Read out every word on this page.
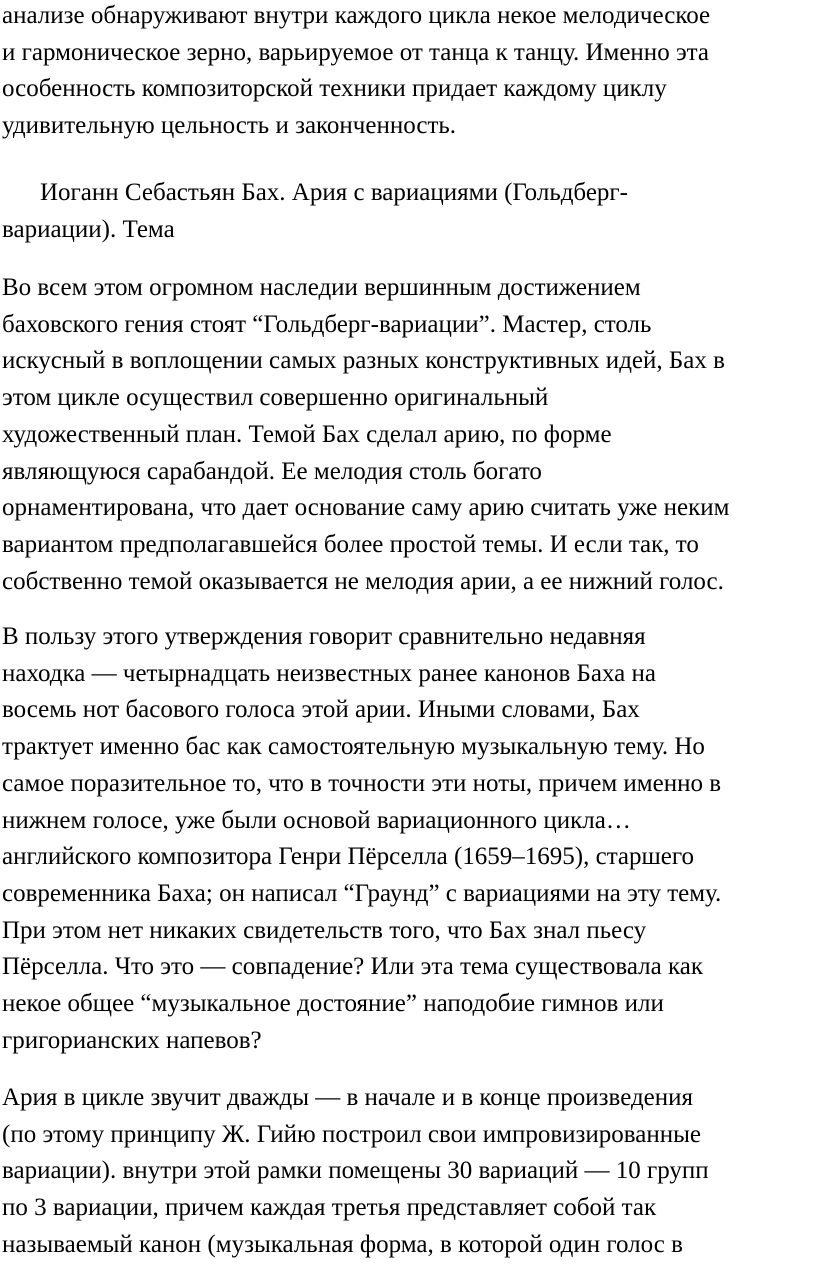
анализе обнаруживают внутри каждого цикла некое мелодическое
и гармоническое зерно, варьируемое от танца к танцу. Именно эта
особенность композиторской техники придает каждому циклу
удивительную цельность и законченность.
Иоганн Себастьян Бах. Ария с вариациями (Гольдберг-
вариации). Тема
Во всем этом огромном наследии вершинным достижением
баховского гения стоят “Гольдберг-вариации”. Мастер, столь
искусный в воплощении самых разных конструктивных идей, Бах в
этом цикле осуществил совершенно оригинальный
художественный план. Темой Бах сделал арию, по форме
являющуюся сарабандой. Ее мелодия столь богато
орнаментирована, что дает основание саму арию считать уже неким
вариантом предполагавшейся более простой темы. И если так, то
собственно темой оказывается не мелодия арии, а ее нижний голос.
В пользу этого утверждения говорит сравнительно недавняя
находка — четырнадцать неизвестных ранее канонов Баха на
восемь нот басового голоса этой арии. Иными словами, Бах
трактует именно бас как самостоятельную музыкальную тему. Но
самое поразительное то, что в точности эти ноты, причем именно в
нижнем голосе, уже были основой вариационного цикла…
английского композитора Генри Пёрселла (1659–1695), старшего
современника Баха; он написал “Граунд” с вариациями на эту тему.
При этом нет никаких свидетельств того, что Бах знал пьесу
Пёрселла. Что это — совпадение? Или эта тема существовала как
некое общее “музыкальное достояние” наподобие гимнов или
григорианских напевов?
Ария в цикле звучит дважды — в начале и в конце произведения
(по этому принципу Ж. Гийю построил свои импровизированные
вариации). внутри этой рамки помещены 30 вариаций — 10 групп
по 3 вариации, причем каждая третья представляет собой так
называемый канон (музыкальная форма, в которой один голос в
